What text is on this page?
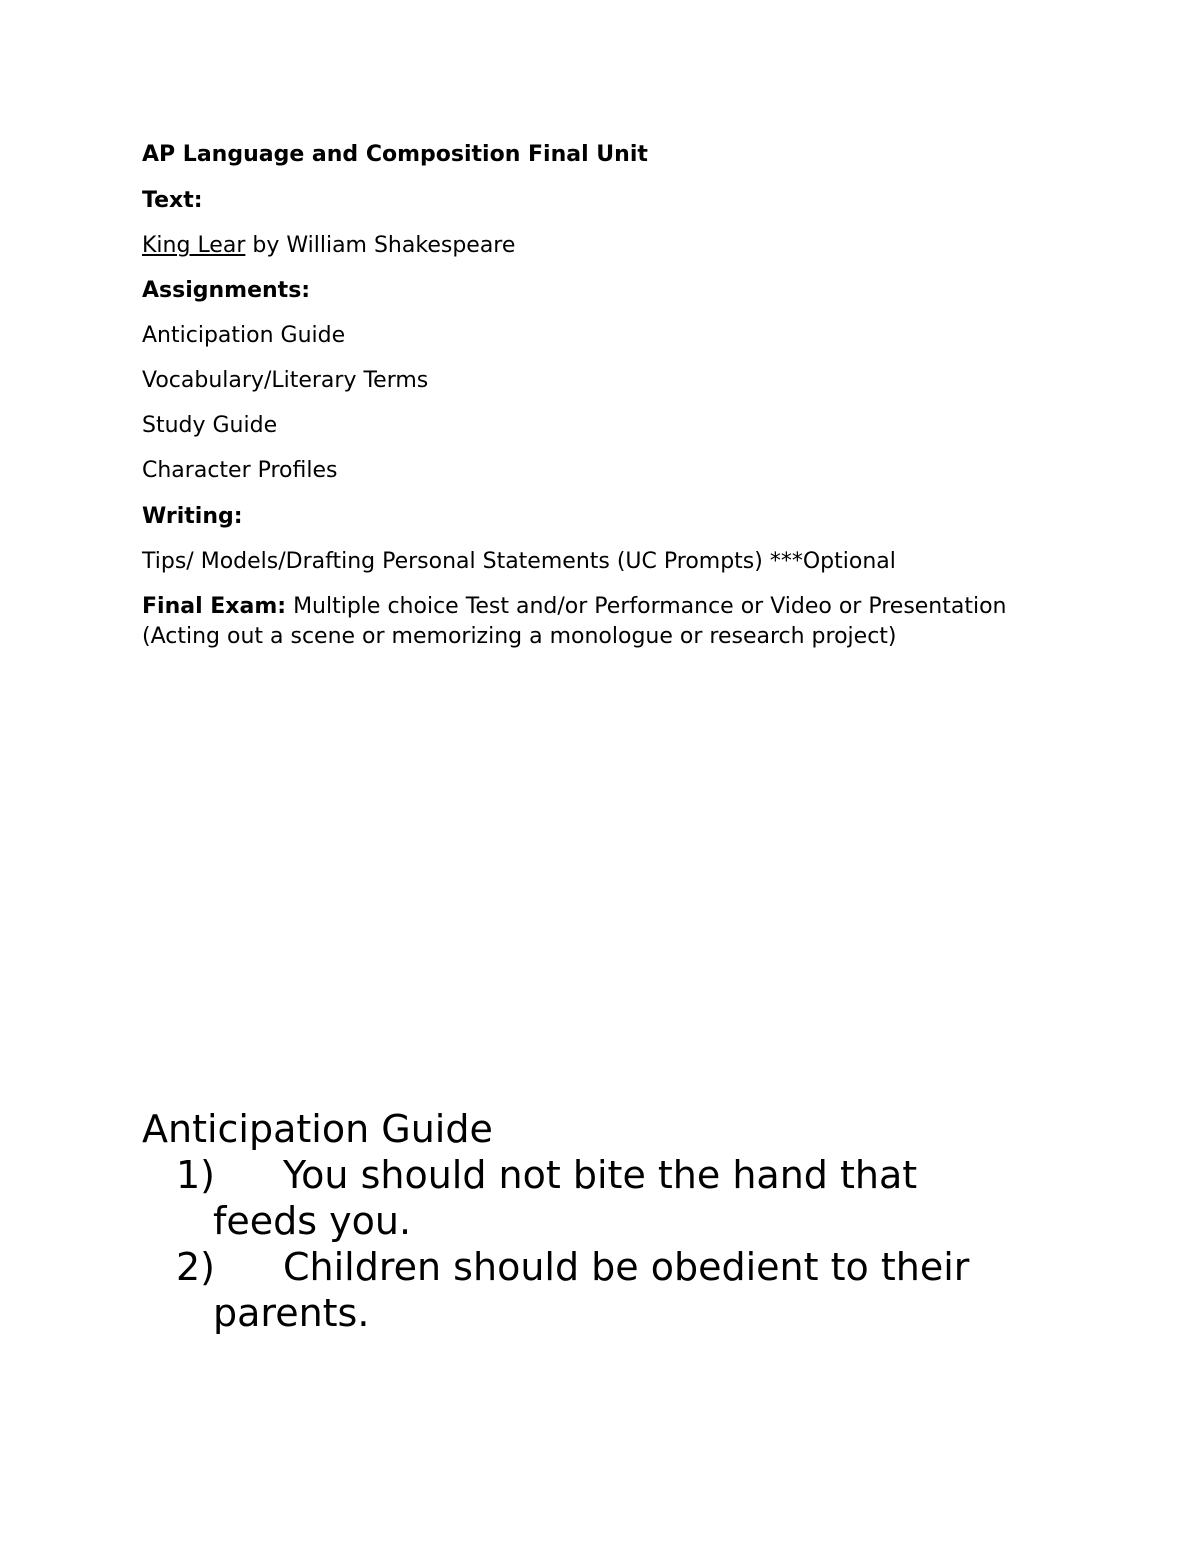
AP Language and Composition Final Unit
Text:
King Lear by William Shakespeare
Assignments:
Anticipation Guide
Vocabulary/Literary Terms
Study Guide
Character Profiles
Writing:
Tips/ Models/Drafting Personal Statements (UC Prompts) ***Optional
Final Exam: Multiple choice Test and/or Performance or Video or Presentation (Acting out a scene or memorizing a monologue or research project)
Anticipation Guide
1) You should not bite the hand that
feeds you.
2) Children should be obedient to their
parents.
